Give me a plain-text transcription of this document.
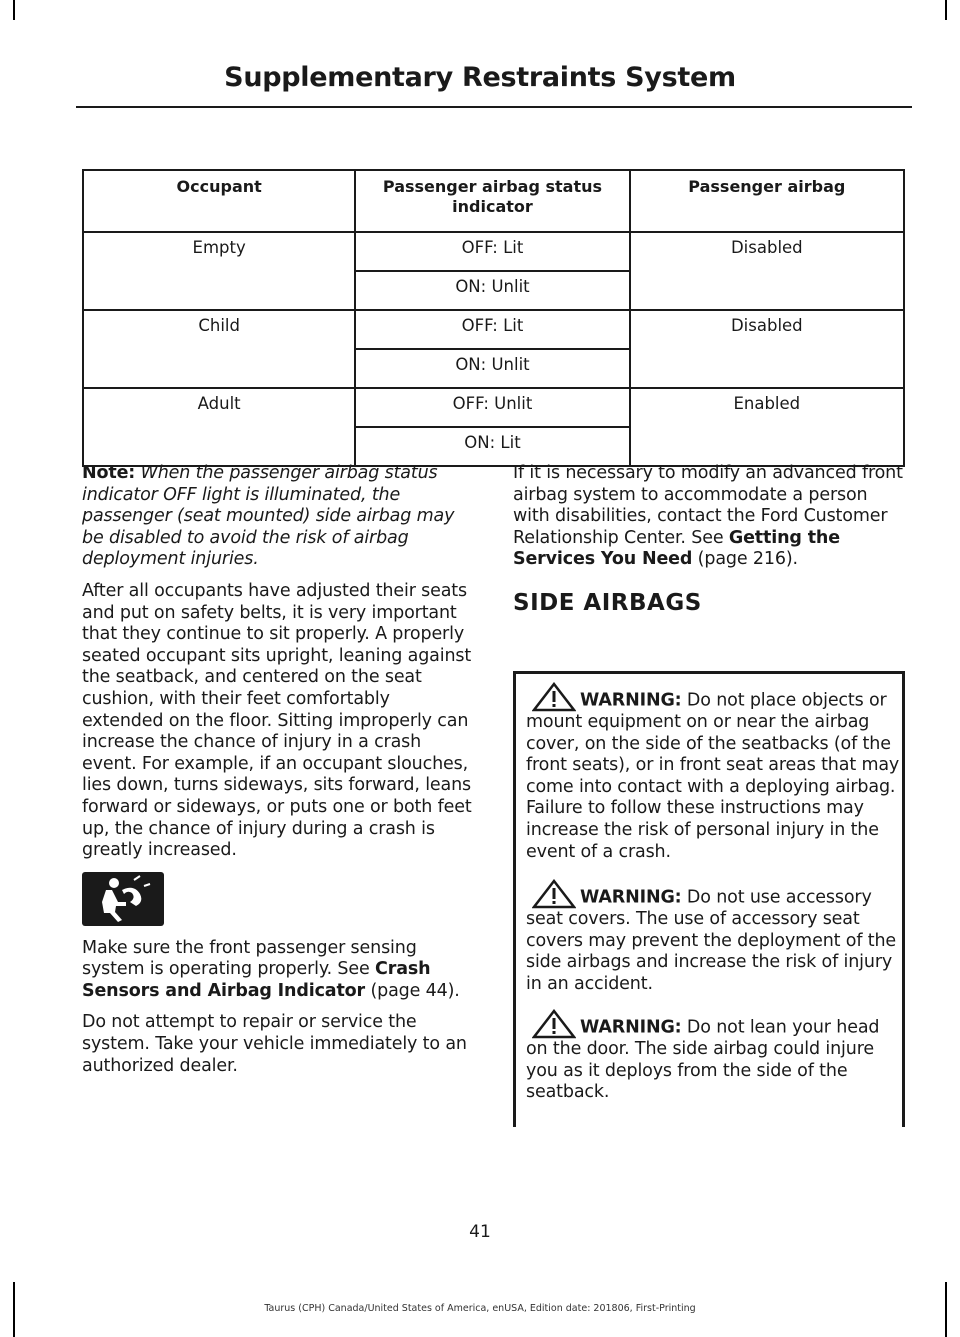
Supplementary Restraints System
Occupant	Passenger airbag status indicator	Passenger airbag
Empty	OFF: Lit	Disabled
	ON: Unlit	
Child	OFF: Lit	Disabled
	ON: Unlit	
Adult	OFF: Unlit	Enabled
	ON: Lit	

Note: When the passenger airbag status indicator OFF light is illuminated, the passenger (seat mounted) side airbag may be disabled to avoid the risk of airbag deployment injuries.

After all occupants have adjusted their seats and put on safety belts, it is very important that they continue to sit properly. A properly seated occupant sits upright, leaning against the seatback, and centered on the seat cushion, with their feet comfortably extended on the floor. Sitting improperly can increase the chance of injury in a crash event. For example, if an occupant slouches, lies down, turns sideways, sits forward, leans forward or sideways, or puts one or both feet up, the chance of injury during a crash is greatly increased.

Make sure the front passenger sensing system is operating properly. See Crash Sensors and Airbag Indicator (page 44).

Do not attempt to repair or service the system. Take your vehicle immediately to an authorized dealer.

If it is necessary to modify an advanced front airbag system to accommodate a person with disabilities, contact the Ford Customer Relationship Center. See Getting the Services You Need (page 216).

SIDE AIRBAGS
WARNING: Do not place objects or mount equipment on or near the airbag cover, on the side of the seatbacks (of the front seats), or in front seat areas that may come into contact with a deploying airbag. Failure to follow these instructions may increase the risk of personal injury in the event of a crash.
WARNING: Do not use accessory seat covers. The use of accessory seat covers may prevent the deployment of the side airbags and increase the risk of injury in an accident.
WARNING: Do not lean your head on the door. The side airbag could injure you as it deploys from the side of the seatback.
41
Taurus (CPH) Canada/United States of America, enUSA, Edition date: 201806, First-Printing
